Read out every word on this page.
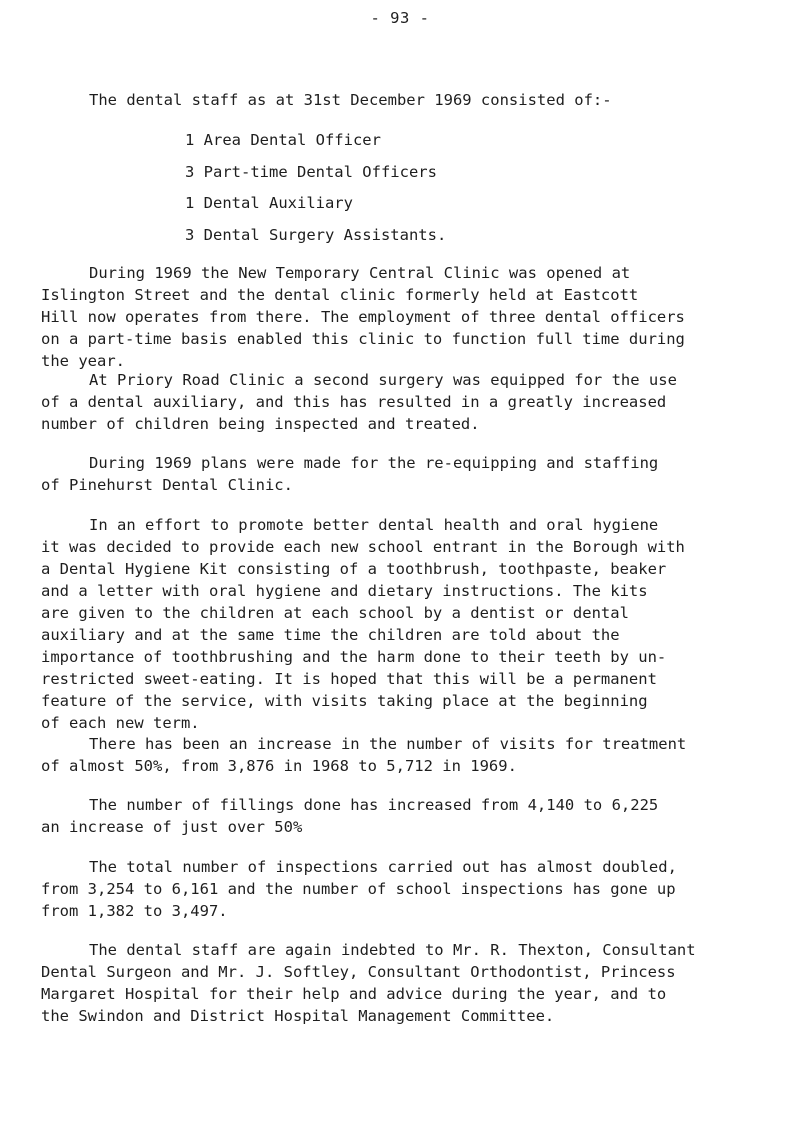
- 93 -
The dental staff as at 31st December 1969 consisted of:-
1 Area Dental Officer
3 Part-time Dental Officers
1 Dental Auxiliary
3 Dental Surgery Assistants.
During 1969 the New Temporary Central Clinic was opened at
Islington Street and the dental clinic formerly held at Eastcott
Hill now operates from there. The employment of three dental officers
on a part-time basis enabled this clinic to function full time during
the year.
At Priory Road Clinic a second surgery was equipped for the use
of a dental auxiliary, and this has resulted in a greatly increased
number of children being inspected and treated.
During 1969 plans were made for the re-equipping and staffing
of Pinehurst Dental Clinic.
In an effort to promote better dental health and oral hygiene
it was decided to provide each new school entrant in the Borough with
a Dental Hygiene Kit consisting of a toothbrush, toothpaste, beaker
and a letter with oral hygiene and dietary instructions. The kits
are given to the children at each school by a dentist or dental
auxiliary and at the same time the children are told about the
importance of toothbrushing and the harm done to their teeth by un-
restricted sweet-eating. It is hoped that this will be a permanent
feature of the service, with visits taking place at the beginning
of each new term.
There has been an increase in the number of visits for treatment
of almost 50%, from 3,876 in 1968 to 5,712 in 1969.
The number of fillings done has increased from 4,140 to 6,225
an increase of just over 50%
The total number of inspections carried out has almost doubled,
from 3,254 to 6,161 and the number of school inspections has gone up
from 1,382 to 3,497.
The dental staff are again indebted to Mr. R. Thexton, Consultant
Dental Surgeon and Mr. J. Softley, Consultant Orthodontist, Princess
Margaret Hospital for their help and advice during the year, and to
the Swindon and District Hospital Management Committee.
